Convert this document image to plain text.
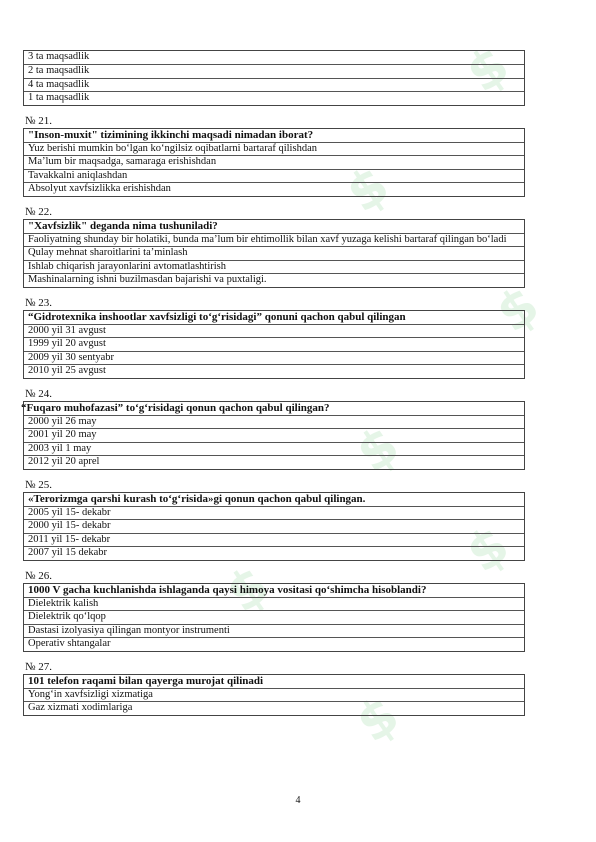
$
$
$
$
$
$
$
3 ta maqsadlik
2 ta maqsadlik
4 ta maqsadlik
1 ta maqsadlik
№ 21.
"Inson-muxit" tizimining ikkinchi maqsadi nimadan iborat?
Yuz berishi mumkin bo‘lgan ko‘ngilsiz oqibatlarni bartaraf qilishdan
Ma’lum bir maqsadga, samaraga erishishdan
Tavakkalni aniqlashdan
Absolyut xavfsizlikka erishishdan
№ 22.
"Xavfsizlik" deganda nima tushuniladi?
Faoliyatning shunday bir holatiki, bunda ma’lum bir ehtimollik bilan xavf yuzaga kelishi bartaraf qilingan bo‘ladi
Qulay mehnat sharoitlarini ta’minlash
Ishlab chiqarish jarayonlarini avtomatlashtirish
Mashinalarning ishni buzilmasdan bajarishi va puxtaligi.
№ 23.
“Gidrotexnika inshootlar xavfsizligi to‘g‘risidagi” qonuni qachon qabul qilingan
2000 yil 31 avgust
1999 yil 20 avgust
2009 yil 30 sentyabr
2010 yil 25 avgust
№ 24.
“Fuqaro muhofazasi” to‘g‘risidagi qonun qachon qabul qilingan?
2000 yil 26 may
2001 yil 20 may
2003 yil 1 may
2012 yil 20 aprel
№ 25.
«Terorizmga qarshi kurash to‘g‘risida»gi qonun qachon qabul qilingan.
2005 yil 15- dekabr
2000 yil 15- dekabr
2011 yil 15- dekabr
2007 yil 15 dekabr
№ 26.
1000 V gacha kuchlanishda ishlaganda qaysi himoya vositasi qo‘shimcha hisoblandi?
Dielektrik kalish
Dielektrik qo‘lqop
Dastasi izolyasiya qilingan montyor instrumenti
Operativ shtangalar
№ 27.
101 telefon raqami bilan qayerga murojat qilinadi
Yong‘in xavfsizligi xizmatiga
Gaz xizmati xodimlariga
4
